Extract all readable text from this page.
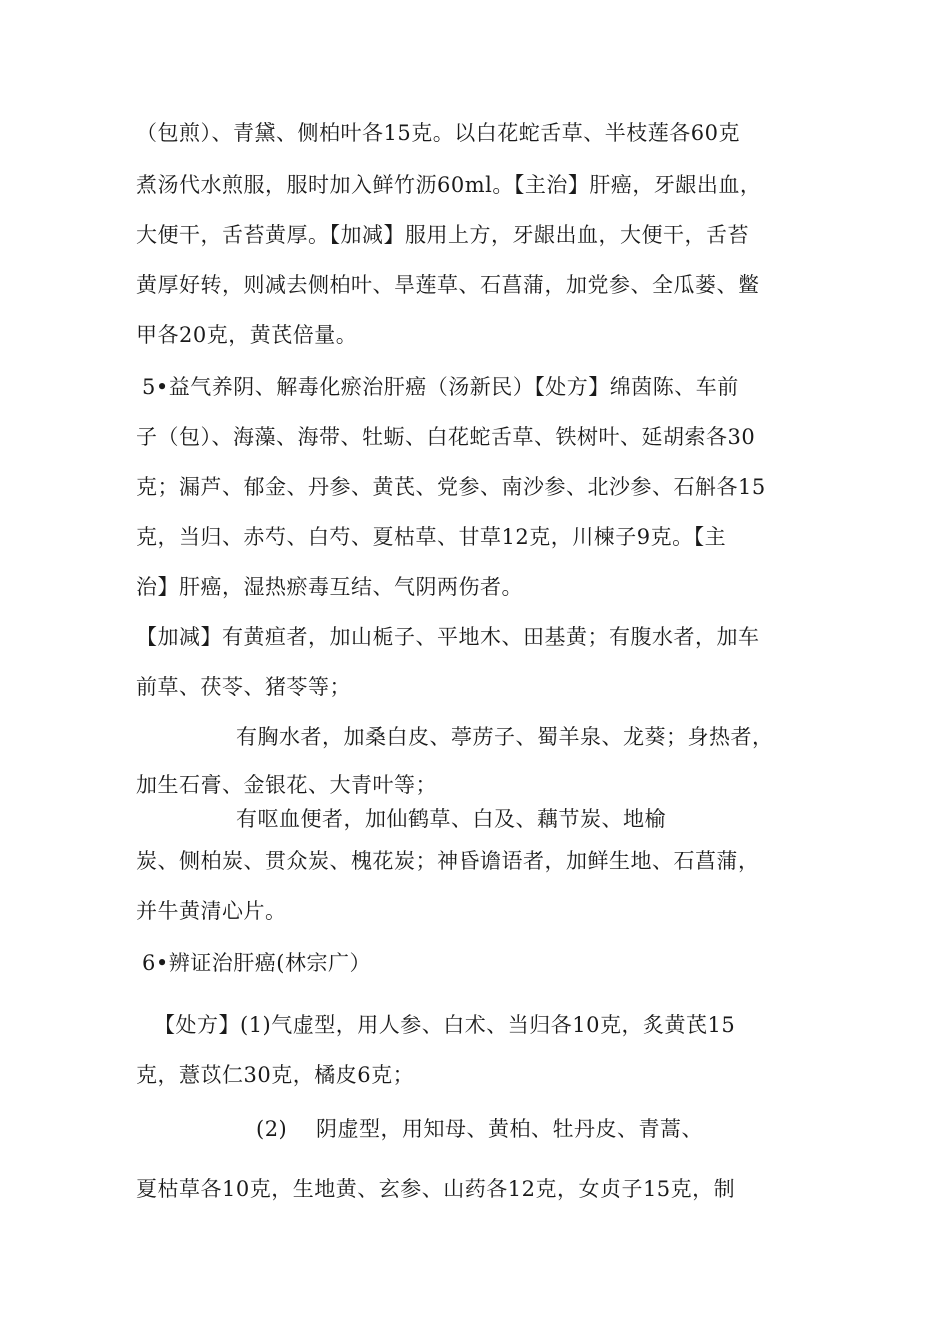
（包煎）、青黛、侧柏叶各15克。以白花蛇舌草、半枝莲各60克
煮汤代水煎服，服时加入鲜竹沥60ml。【主治】肝癌，牙龈出血，
大便干，舌苔黄厚。【加减】服用上方，牙龈出血，大便干，舌苔
黄厚好转，则减去侧柏叶、旱莲草、石菖蒲，加党参、全瓜蒌、鳖
甲各20克，黄芪倍量。
5•益气养阴、解毒化瘀治肝癌（汤新民）【处方】绵茵陈、车前
子（包）、海藻、海带、牡蛎、白花蛇舌草、铁树叶、延胡索各30
克；漏芦、郁金、丹参、黄芪、党参、南沙参、北沙参、石斛各15
克，当归、赤芍、白芍、夏枯草、甘草12克，川楝子9克。【主
治】肝癌，湿热瘀毒互结、气阴两伤者。
【加减】有黄疸者，加山栀子、平地木、田基黄；有腹水者，加车
前草、茯苓、猪苓等；
有胸水者，加桑白皮、葶苈子、蜀羊泉、龙葵；身热者，
加生石膏、金银花、大青叶等；
有呕血便者，加仙鹤草、白及、藕节炭、地榆
炭、侧柏炭、贯众炭、槐花炭；神昏谵语者，加鲜生地、石菖蒲，
并牛黄清心片。
6•辨证治肝癌(林宗广）
【处方】(1)气虚型，用人参、白术、当归各10克，炙黄芪15
克，薏苡仁30克，橘皮6克；
(2) 阴虚型，用知母、黄柏、牡丹皮、青蒿、
夏枯草各10克，生地黄、玄参、山药各12克，女贞子15克，制
